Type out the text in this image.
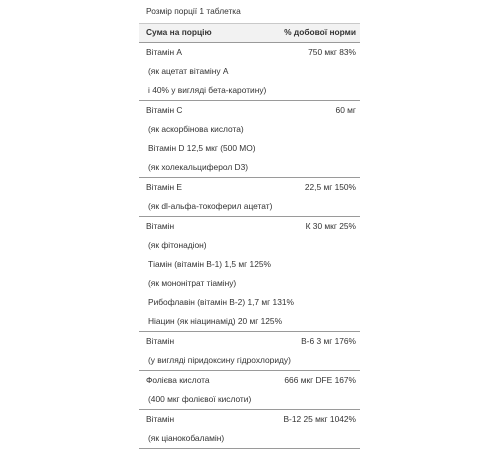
Розмір порції 1 таблетка
Сума на порцію	% добової норми
Вітамін А	750 мкг 83%
(як ацетат вітаміну А
і 40% у вигляді бета-каротину)
Вітамін С	60 мг
(як аскорбінова кислота)
Вітамін D 12,5 мкг (500 МО)
(як холекальциферол D3)
Вітамін Е	22,5 мг 150%
(як dl-альфа-токоферил ацетат)
Вітамін	К 30 мкг 25%
(як фітонадіон)
Тіамін (вітамін В-1) 1,5 мг 125%
(як мононітрат тіаміну)
Рибофлавін (вітамін В-2) 1,7 мг 131%
Ніацин (як ніацинамід) 20 мг 125%
Вітамін	В-6 3 мг 176%
(у вигляді піридоксину гідрохлориду)
Фолієва кислота	666 мкг DFE 167%
(400 мкг фолієвої кислоти)
Вітамін	В-12 25 мкг 1042%
(як ціанокобаламін)
